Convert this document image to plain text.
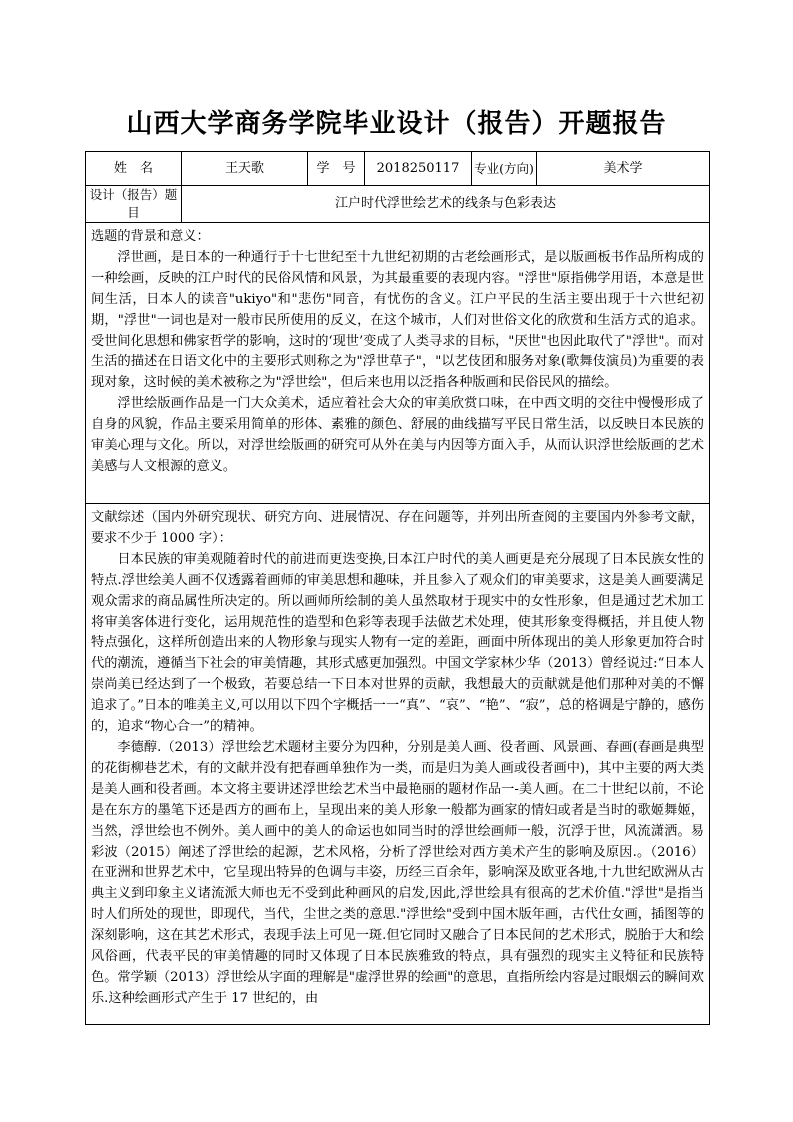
山西大学商务学院毕业设计（报告）开题报告
姓　名	王天歌	学　号	2018250117	专业(方向)	美术学
设计（报告）题目	江户时代浮世绘艺术的线条与色彩表达				

选题的背景和意义：

浮世画，是日本的一种通行于十七世纪至十九世纪初期的古老绘画形式，是以版画板书作品所构成的一种绘画，反映的江户时代的民俗风情和风景，为其最重要的表现内容。"浮世"原指佛学用语，本意是世间生活，日本人的读音"ukiyo"和"悲伤"同音，有忧伤的含义。江户平民的生活主要出现于十六世纪初期，"浮世"一词也是对一般市民所使用的反义，在这个城市，人们对世俗文化的欣赏和生活方式的追求。受世间化思想和佛家哲学的影响，这时的‘现世’变成了人类寻求的目标，"厌世"也因此取代了"浮世"。而对生活的描述在日语文化中的主要形式则称之为"浮世草子"，"以艺伎团和服务对象(歌舞伎演员)为重要的表现对象，这时候的美术被称之为"浮世绘"，但后来也用以泛指各种版画和民俗民风的描绘。

浮世绘版画作品是一门大众美术，适应着社会大众的审美欣赏口味，在中西文明的交往中慢慢形成了自身的风貌，作品主要采用简单的形体、素雅的颜色、舒展的曲线描写平民日常生活，以反映日本民族的审美心理与文化。所以，对浮世绘版画的研究可从外在美与内因等方面入手，从而认识浮世绘版画的艺术美感与人文根源的意义。					

文献综述（国内外研究现状、研究方向、进展情况、存在问题等，并列出所查阅的主要国内外参考文献，要求不少于 1000 字）：

日本民族的审美观随着时代的前进而更迭变换,日本江户时代的美人画更是充分展现了日本民族女性的特点.浮世绘美人画不仅透露着画师的审美思想和趣味，并且参入了观众们的审美要求，这是美人画要满足观众需求的商品属性所决定的。所以画师所绘制的美人虽然取材于现实中的女性形象，但是通过艺术加工将审美客体进行变化，运用规范性的造型和色彩等表现手法做艺术处理，使其形象变得概括，并且使人物特点强化，这样所创造出来的人物形象与现实人物有一定的差距，画面中所体现出的美人形象更加符合时代的潮流，遵循当下社会的审美情趣，其形式感更加强烈。中国文学家林少华（2013）曾经说过:“日本人崇尚美已经达到了一个极致，若要总结一下日本对世界的贡献，我想最大的贡献就是他们那种对美的不懈追求了。”日本的唯美主义,可以用以下四个字概括一一“真”、“哀”、“艳”、“寂”，总的格调是宁静的，感伤的，追求“物心合一”的精神。

李德醇.（2013）浮世绘艺术题材主要分为四种，分别是美人画、役者画、风景画、春画(春画是典型的花街柳巷艺术，有的文献并没有把春画单独作为一类，而是归为美人画或役者画中)，其中主要的两大类是美人画和役者画。本文将主要讲述浮世绘艺术当中最艳丽的题材作品一-美人画。在二十世纪以前，不论是在东方的墨笔下还是西方的画布上，呈现出来的美人形象一般都为画家的情妇或者是当时的歌姬舞姬，当然，浮世绘也不例外。美人画中的美人的命运也如同当时的浮世绘画师一般，沉浮于世，风流潇洒。易彩波（2015）阐述了浮世绘的起源，艺术风格，分析了浮世绘对西方美术产生的影响及原因.。（2016）在亚洲和世界艺术中，它呈现出特异的色调与丰姿，历经三百余年，影响深及欧亚各地,十九世纪欧洲从古典主义到印象主义诸流派大师也无不受到此种画风的启发,因此,浮世绘具有很高的艺术价值."浮世"是指当时人们所处的现世，即现代，当代，尘世之类的意思."浮世绘"受到中国木版年画，古代仕女画，插图等的深刻影响，这在其艺术形式，表现手法上可见一斑.但它同时又融合了日本民间的艺术形式，脱胎于大和绘风俗画，代表平民的审美情趣的同时又体现了日本民族雅致的特点，具有强烈的现实主义特征和民族特色。常学颖（2013）浮世绘从字面的理解是"虚浮世界的绘画"的意思，直指所绘内容是过眼烟云的瞬间欢乐.这种绘画形式产生于 17 世纪的，由					
